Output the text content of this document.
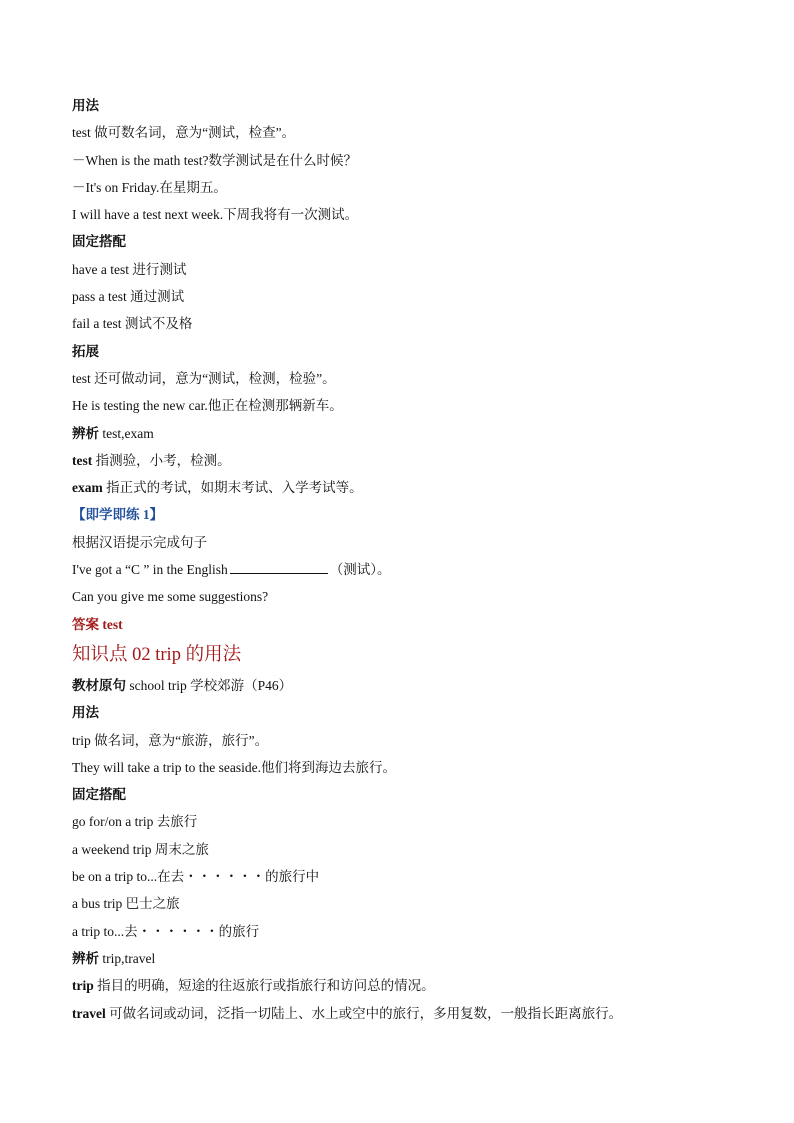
用法
test 做可数名词，意为“测试，检查”。
－When is the math test?数学测试是在什么时候？
－It's on Friday.在星期五。
I will have a test next week.下周我将有一次测试。
固定搭配
have a test 进行测试
pass a test 通过测试
fail a test 测试不及格
拓展
test 还可做动词，意为“测试，检测，检验”。
He is testing the new car.他正在检测那辆新车。
辨析 test,exam
test 指测验，小考，检测。
exam 指正式的考试，如期末考试、入学考试等。
【即学即练 1】
根据汉语提示完成句子
I've got a “C ” in the English	（测试）。
Can you give me some suggestions?
答案 test
知识点 02 trip 的用法
教材原句 school trip 学校郊游（P46）
用法
trip 做名词，意为“旅游，旅行”。
They will take a trip to the seaside.他们将到海边去旅行。
固定搭配
go for/on a trip 去旅行
a weekend trip 周末之旅
be on a trip to...在去・・・・・・的旅行中
a bus trip 巴士之旅
a trip to...去・・・・・・的旅行
辨析 trip,travel
trip 指目的明确，短途的往返旅行或指旅行和访问总的情况。
travel 可做名词或动词，泛指一切陆上、水上或空中的旅行，多用复数，一般指长距离旅行。
